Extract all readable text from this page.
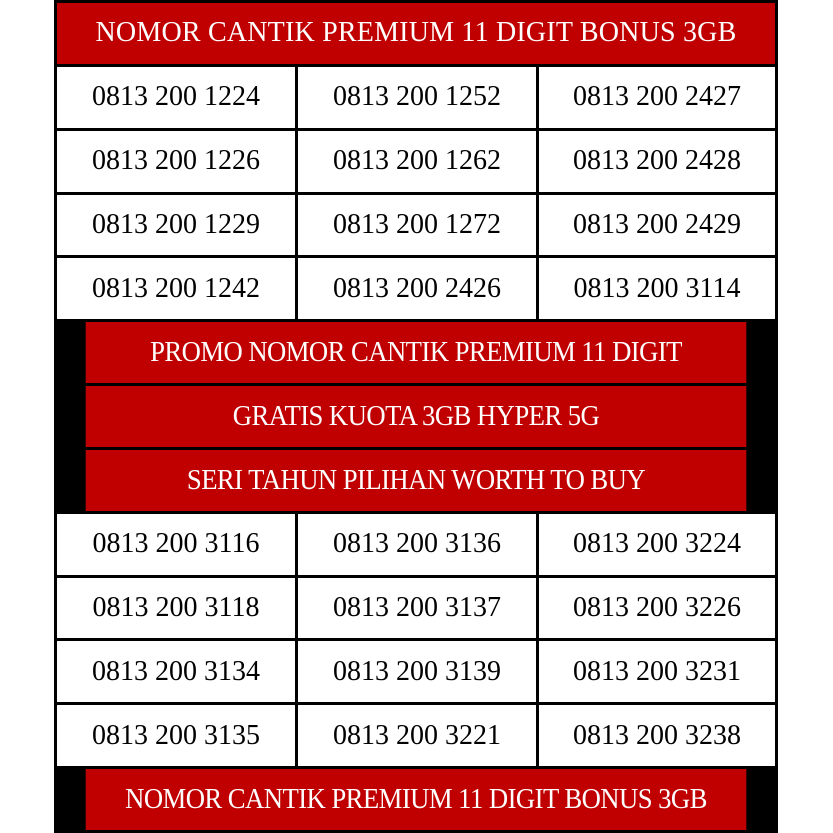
NOMOR CANTIK PREMIUM 11 DIGIT BONUS 3GB
0813 200 1224	0813 200 1252	0813 200 2427
0813 200 1226	0813 200 1262	0813 200 2428
0813 200 1229	0813 200 1272	0813 200 2429
0813 200 1242	0813 200 2426	0813 200 3114
PROMO NOMOR CANTIK PREMIUM 11 DIGIT
GRATIS KUOTA 3GB HYPER 5G
SERI TAHUN PILIHAN WORTH TO BUY
0813 200 3116	0813 200 3136	0813 200 3224
0813 200 3118	0813 200 3137	0813 200 3226
0813 200 3134	0813 200 3139	0813 200 3231
0813 200 3135	0813 200 3221	0813 200 3238
NOMOR CANTIK PREMIUM 11 DIGIT BONUS 3GB
